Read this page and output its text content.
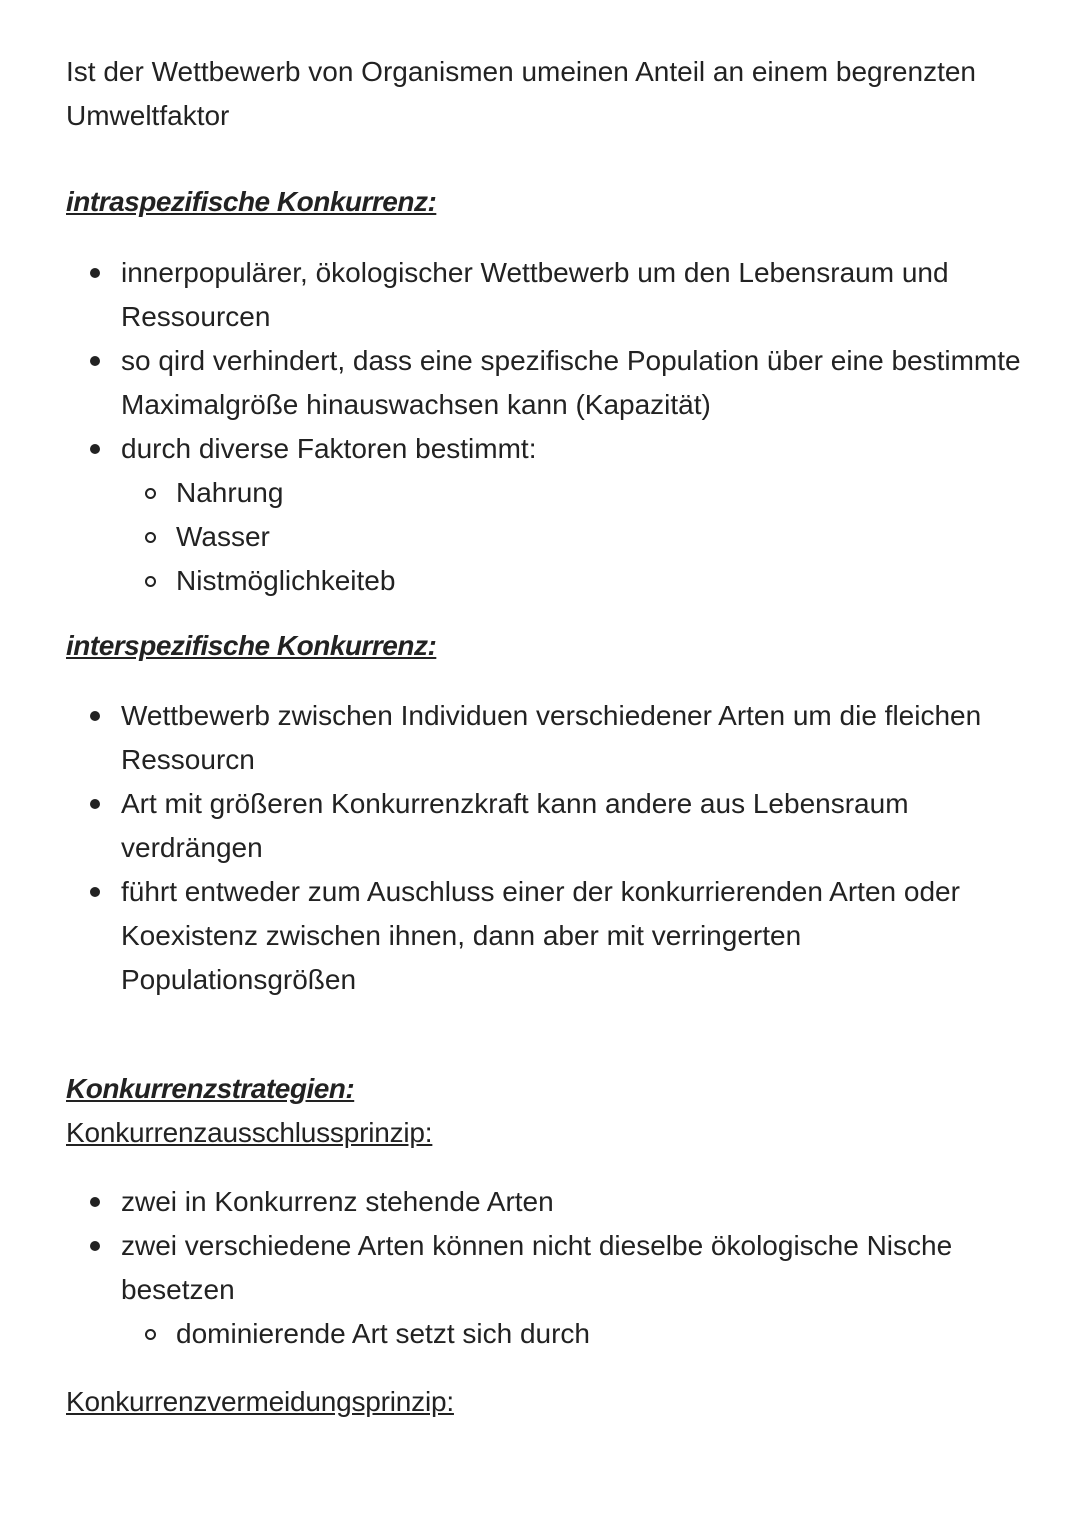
Ist der Wettbewerb von Organismen umeinen Anteil an einem begrenzten Umweltfaktor
intraspezifische Konkurrenz:
innerpopulärer, ökologischer Wettbewerb um den Lebensraum und Ressourcen
so qird verhindert, dass eine spezifische Population über eine bestimmte Maximalgröße hinauswachsen kann (Kapazität)
durch diverse Faktoren bestimmt:
Nahrung
Wasser
Nistmöglichkeiteb
interspezifische Konkurrenz:
Wettbewerb zwischen Individuen verschiedener Arten um die fleichen Ressourcn
Art mit größeren Konkurrenzkraft kann andere aus Lebensraum verdrängen
führt entweder zum Auschluss einer der konkurrierenden Arten oder Koexistenz zwischen ihnen, dann aber mit verringerten Populationsgrößen
Konkurrenzstrategien:
Konkurrenzausschlussprinzip:
zwei in Konkurrenz stehende Arten
zwei verschiedene Arten können nicht dieselbe ökologische Nische besetzen
dominierende Art setzt sich durch
Konkurrenzvermeidungsprinzip:
